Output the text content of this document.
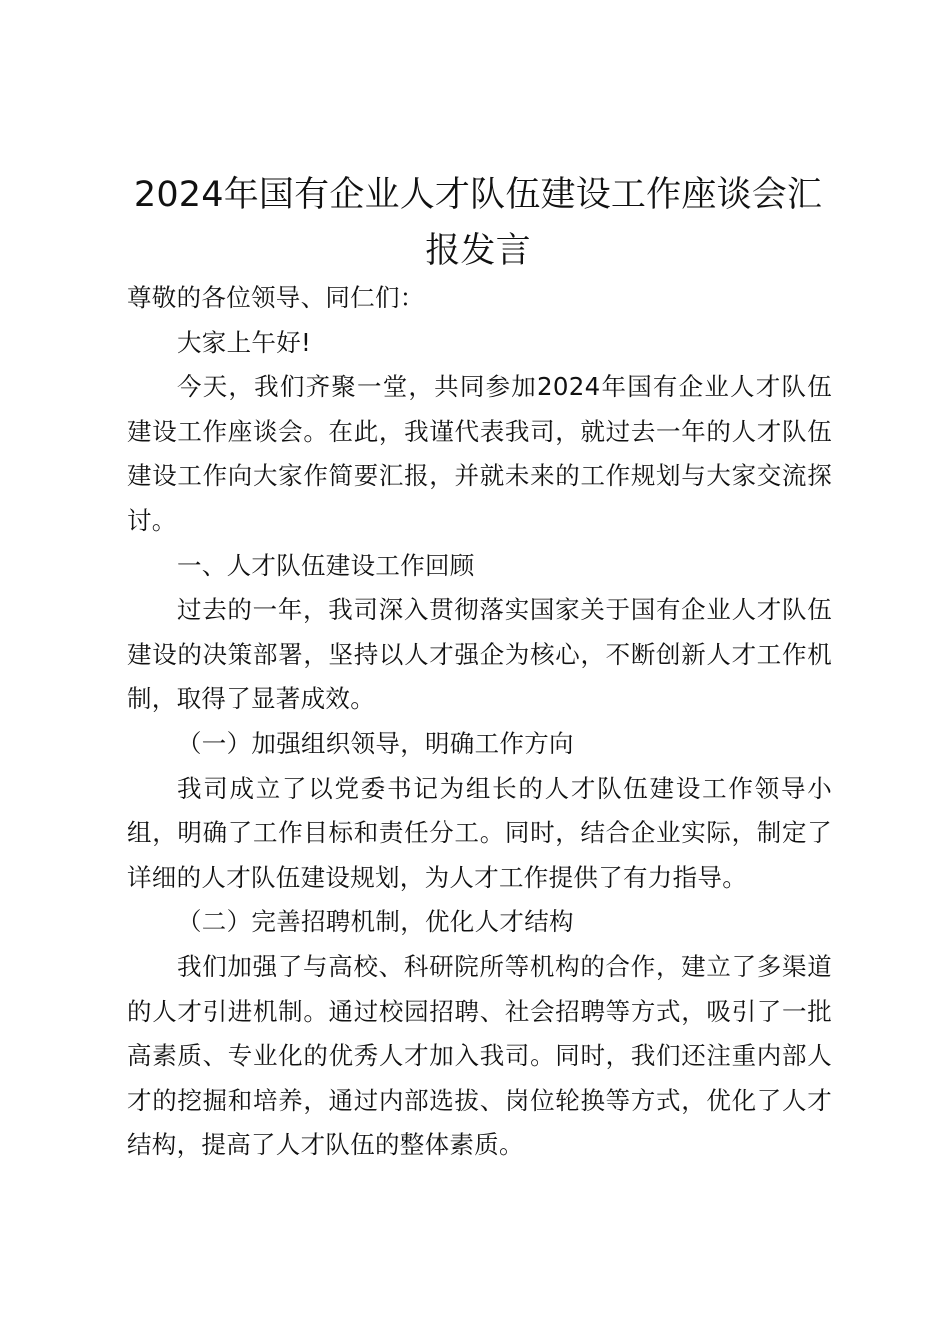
2024年国有企业人才队伍建设工作座谈会汇报发言

尊敬的各位领导、同仁们：

大家上午好!

今天，我们齐聚一堂，共同参加2024年国有企业人才队伍建设工作座谈会。在此，我谨代表我司，就过去一年的人才队伍建设工作向大家作简要汇报，并就未来的工作规划与大家交流探讨。

一、人才队伍建设工作回顾

过去的一年，我司深入贯彻落实国家关于国有企业人才队伍建设的决策部署，坚持以人才强企为核心，不断创新人才工作机制，取得了显著成效。

（一）加强组织领导，明确工作方向

我司成立了以党委书记为组长的人才队伍建设工作领导小组，明确了工作目标和责任分工。同时，结合企业实际，制定了详细的人才队伍建设规划，为人才工作提供了有力指导。

（二）完善招聘机制，优化人才结构

我们加强了与高校、科研院所等机构的合作，建立了多渠道的人才引进机制。通过校园招聘、社会招聘等方式，吸引了一批高素质、专业化的优秀人才加入我司。同时，我们还注重内部人才的挖掘和培养，通过内部选拔、岗位轮换等方式，优化了人才结构，提高了人才队伍的整体素质。
